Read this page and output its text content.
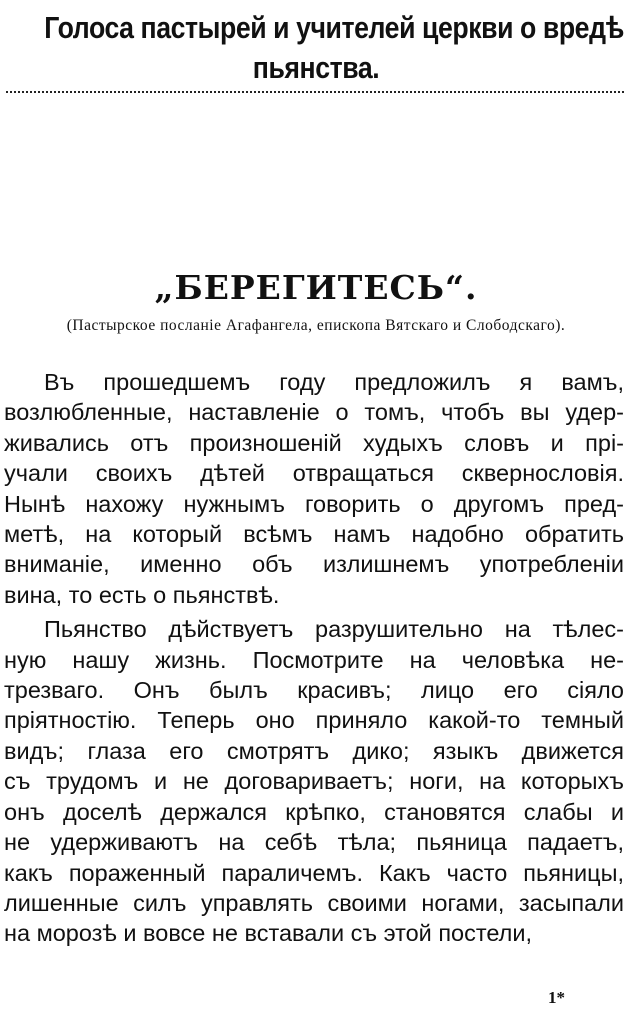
Голоса пастырей и учителей церкви о вредѣ
пьянства.
„БЕРЕГИТЕСЬ“.
(Пастырское посланіе Агафангела, епископа Вятскаго и Слободскаго).
Въ прошедшемъ году предложилъ я вамъ,
возлюбленные, наставленіе о томъ, чтобъ вы удер-
живались отъ произношеній худыхъ словъ и прі-
учали своихъ дѣтей отвращаться сквернословія.
Нынѣ нахожу нужнымъ говорить о другомъ пред-
метѣ, на который всѣмъ намъ надобно обратить
вниманіе, именно объ излишнемъ употребленіи
вина, то есть о пьянствѣ.
Пьянство дѣйствуетъ разрушительно на тѣлес-
ную нашу жизнь. Посмотрите на человѣка не-
трезваго. Онъ былъ красивъ; лицо его сіяло
пріятностію. Теперь оно приняло какой-то темный
видъ; глаза его смотрятъ дико; языкъ движется
съ трудомъ и не договариваетъ; ноги, на которыхъ
онъ доселѣ держался крѣпко, становятся слабы и
не удерживаютъ на себѣ тѣла; пьяница падаетъ,
какъ пораженный параличемъ. Какъ часто пьяницы,
лишенные силъ управлять своими ногами, засыпали
на морозѣ и вовсе не вставали съ этой постели,
1*
